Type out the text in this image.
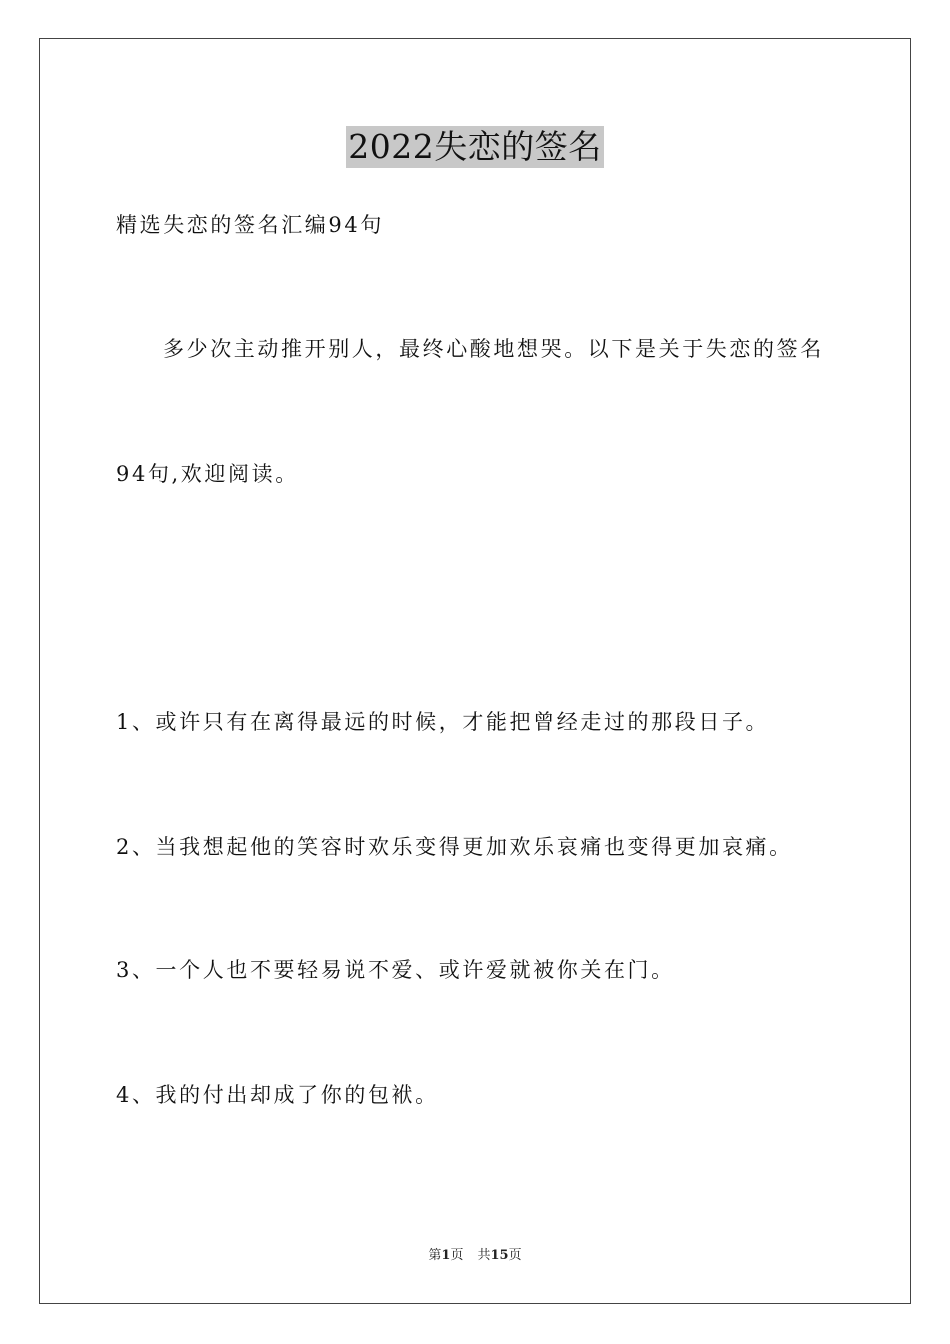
2022失恋的签名
精选失恋的签名汇编94句
多少次主动推开别人，最终心酸地想哭。以下是关于失恋的签名
94句,欢迎阅读。
1、或许只有在离得最远的时候，才能把曾经走过的那段日子。
2、当我想起他的笑容时欢乐变得更加欢乐哀痛也变得更加哀痛。
3、一个人也不要轻易说不爱、或许爱就被你关在门。
4、我的付出却成了你的包袱。
第1页 共15页
